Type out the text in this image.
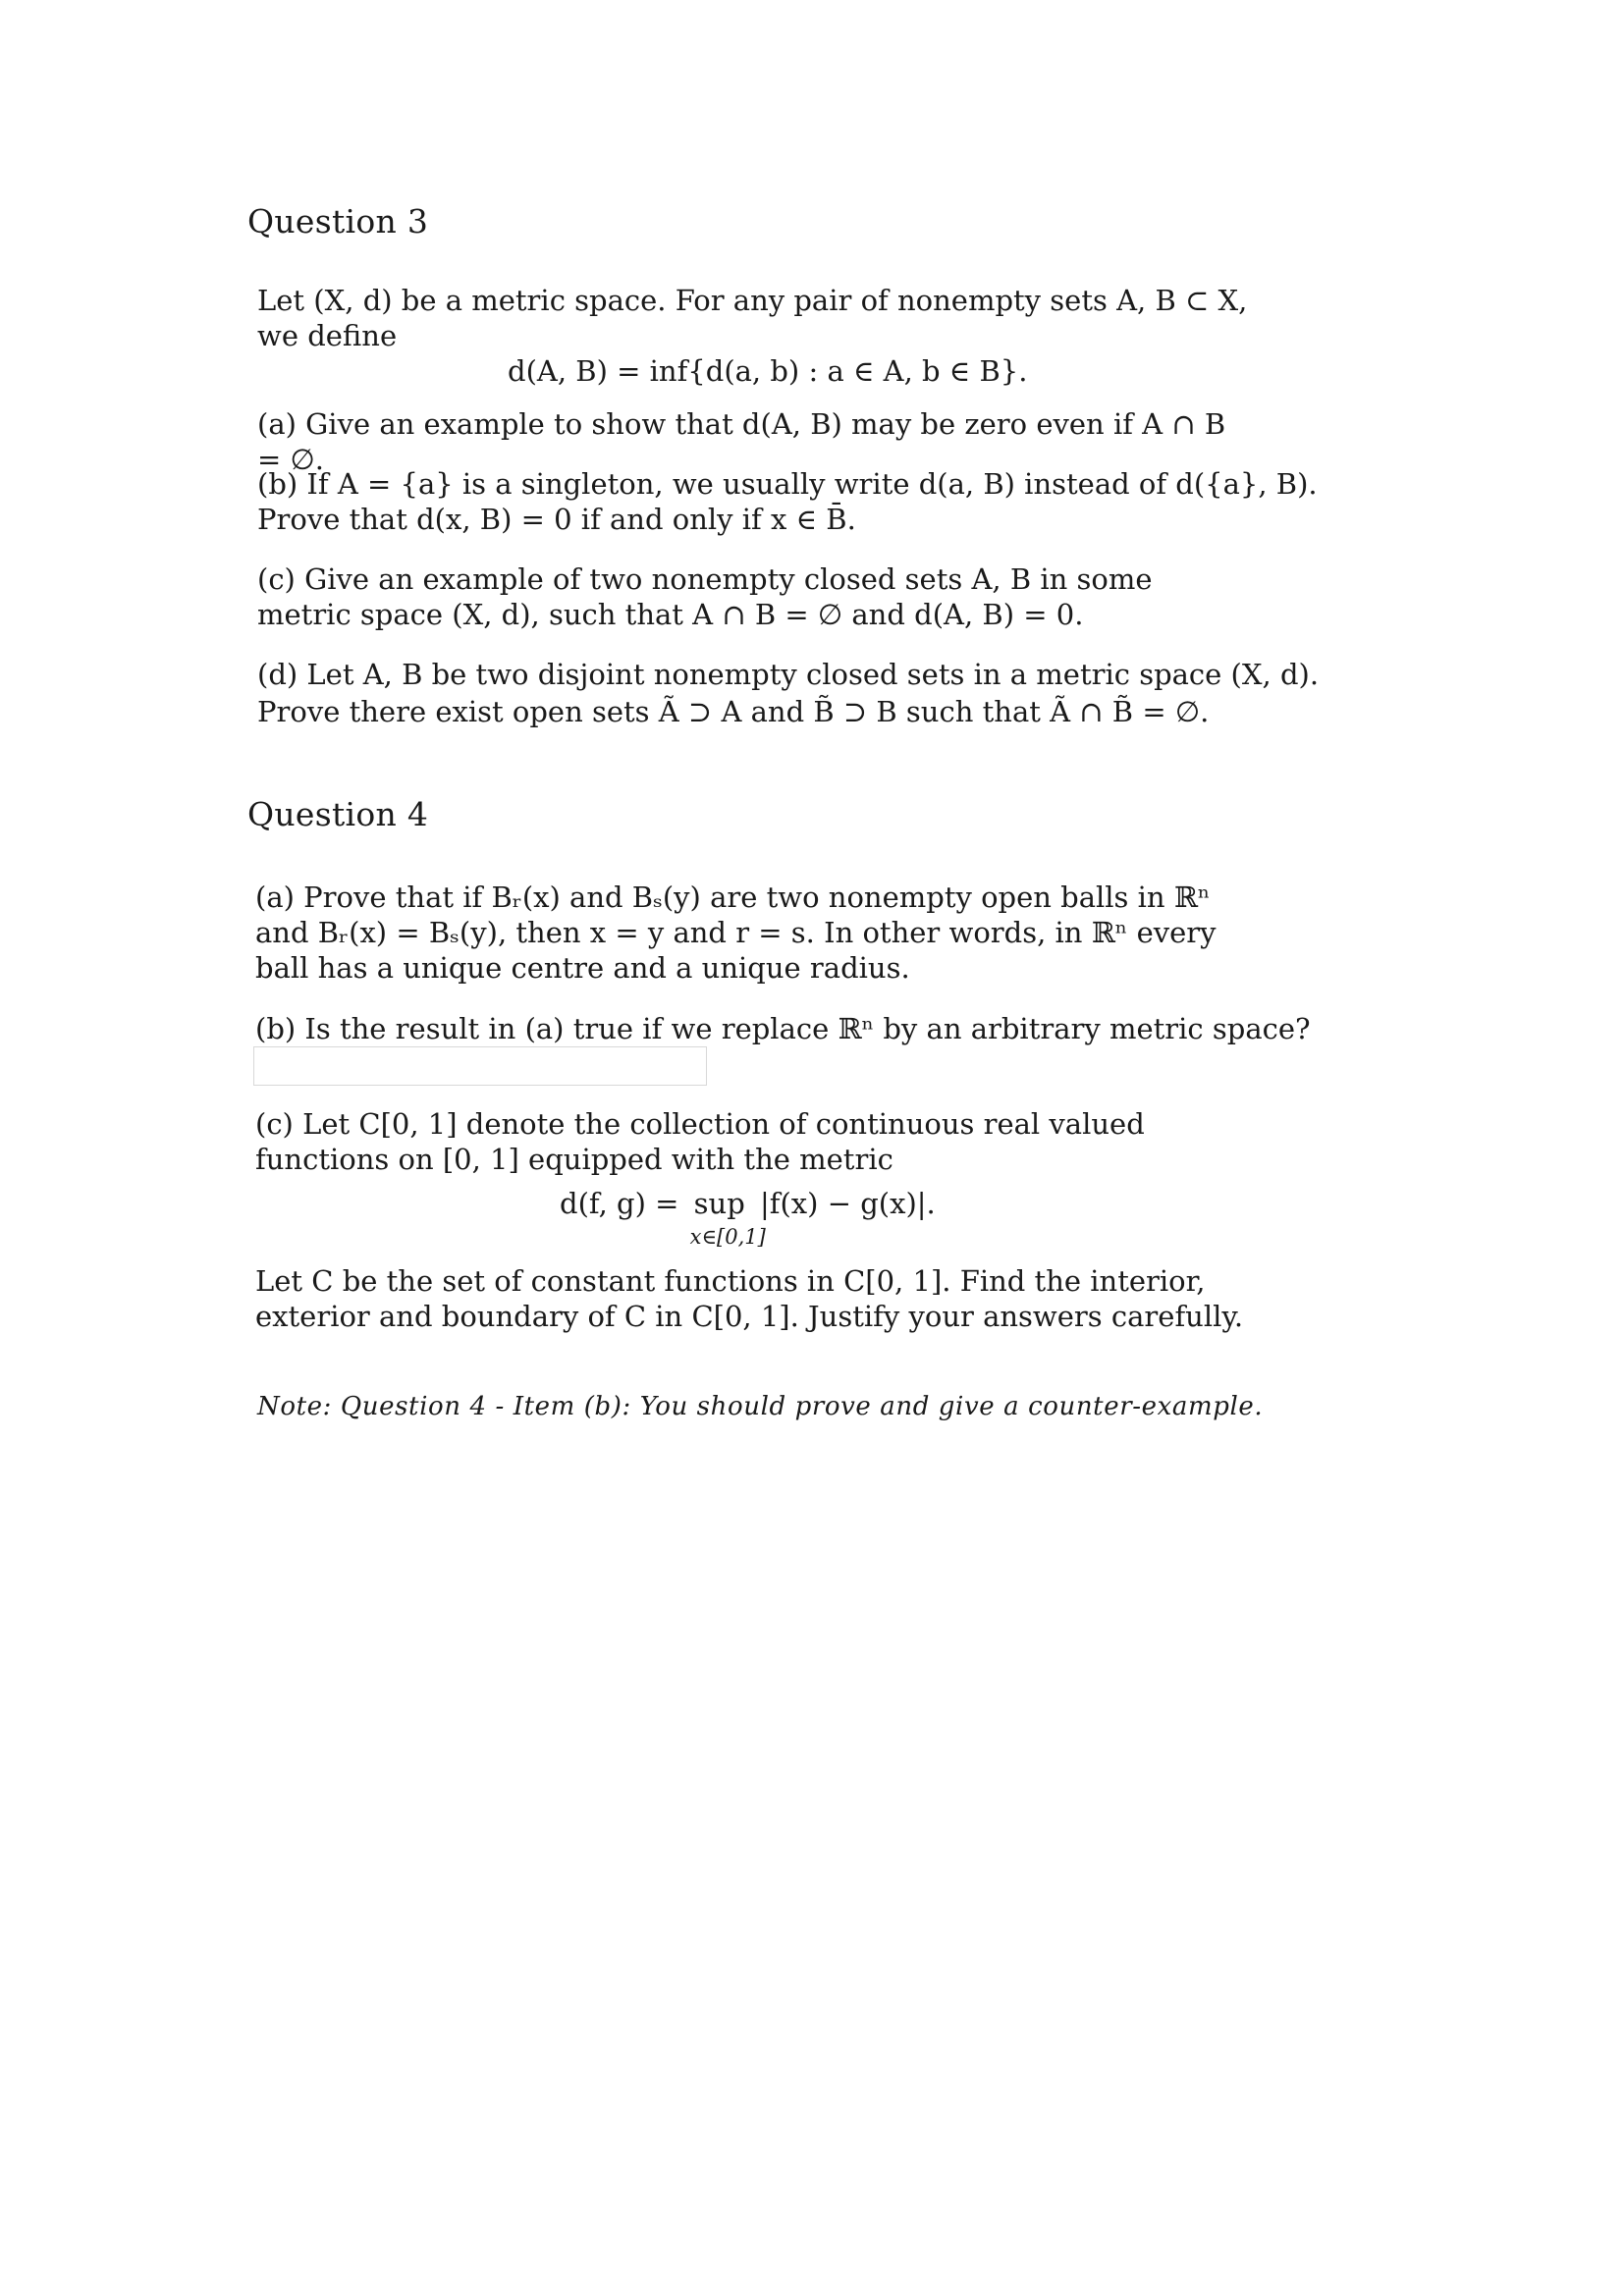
Question 3

Let (X, d) be a metric space. For any pair of nonempty sets A, B ⊂ X, we define

d(A, B) = inf{d(a, b) : a ∈ A, b ∈ B}.

(a) Give an example to show that d(A, B) may be zero even if A ∩ B = ∅.

(b) If A = {a} is a singleton, we usually write d(a, B) instead of d({a}, B).

Prove that d(x, B) = 0 if and only if x ∈ B̄.

(c) Give an example of two nonempty closed sets A, B in some metric space (X, d), such that A ∩ B = ∅ and d(A, B) = 0.

(d) Let A, B be two disjoint nonempty closed sets in a metric space (X, d).

Prove there exist open sets Ã ⊃ A and B̃ ⊃ B such that Ã ∩ B̃ = ∅.

Question 4

(a) Prove that if Bᵣ(x) and Bₛ(y) are two nonempty open balls in ℝⁿ and Bᵣ(x) = Bₛ(y), then x = y and r = s. In other words, in ℝⁿ every ball has a unique centre and a unique radius.

(b) Is the result in (a) true if we replace ℝⁿ by an arbitrary metric space?

(c) Let C[0, 1] denote the collection of continuous real valued functions on [0, 1] equipped with the metric

d(f, g) = sup
x∈[0,1]
|f(x) − g(x)|.

Let C be the set of constant functions in C[0, 1]. Find the interior, exterior and boundary of C in C[0, 1]. Justify your answers carefully.

Note: Question 4 - Item (b): You should prove and give a counter-example.
